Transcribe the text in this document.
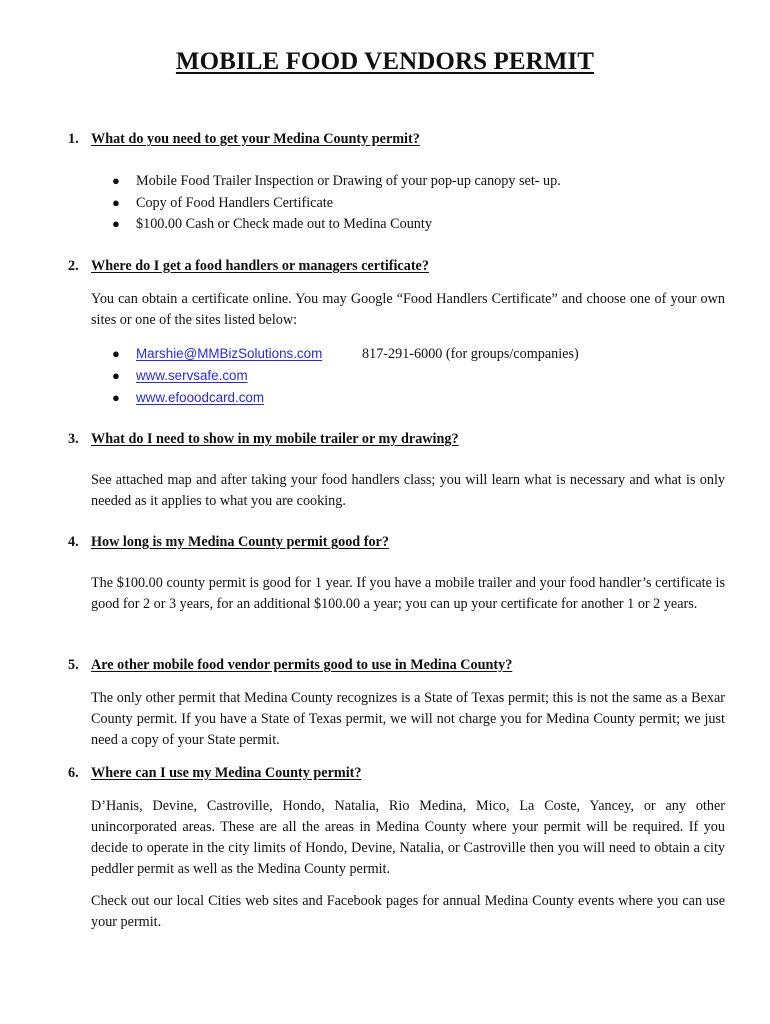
MOBILE FOOD VENDORS PERMIT
1. What do you need to get your Medina County permit?
● Mobile Food Trailer Inspection or Drawing of your pop-up canopy set- up.
● Copy of Food Handlers Certificate
● $100.00 Cash or Check made out to Medina County
2. Where do I get a food handlers or managers certificate?
You can obtain a certificate online. You may Google “Food Handlers Certificate” and choose one of your own sites or one of the sites listed below:
● Marshie@MMBizSolutions.com	817-291-6000 (for groups/companies)
● www.servsafe.com
● www.efooodcard.com
3. What do I need to show in my mobile trailer or my drawing?
See attached map and after taking your food handlers class; you will learn what is necessary and what is only needed as it applies to what you are cooking.
4. How long is my Medina County permit good for?
The $100.00 county permit is good for 1 year. If you have a mobile trailer and your food handler’s certificate is good for 2 or 3 years, for an additional $100.00 a year; you can up your certificate for another 1 or 2 years.
5. Are other mobile food vendor permits good to use in Medina County?
The only other permit that Medina County recognizes is a State of Texas permit; this is not the same as a Bexar County permit. If you have a State of Texas permit, we will not charge you for Medina County permit; we just need a copy of your State permit.
6. Where can I use my Medina County permit?
D’Hanis, Devine, Castroville, Hondo, Natalia, Rio Medina, Mico, La Coste, Yancey, or any other unincorporated areas. These are all the areas in Medina County where your permit will be required. If you decide to operate in the city limits of Hondo, Devine, Natalia, or Castroville then you will need to obtain a city peddler permit as well as the Medina County permit.
Check out our local Cities web sites and Facebook pages for annual Medina County events where you can use your permit.
